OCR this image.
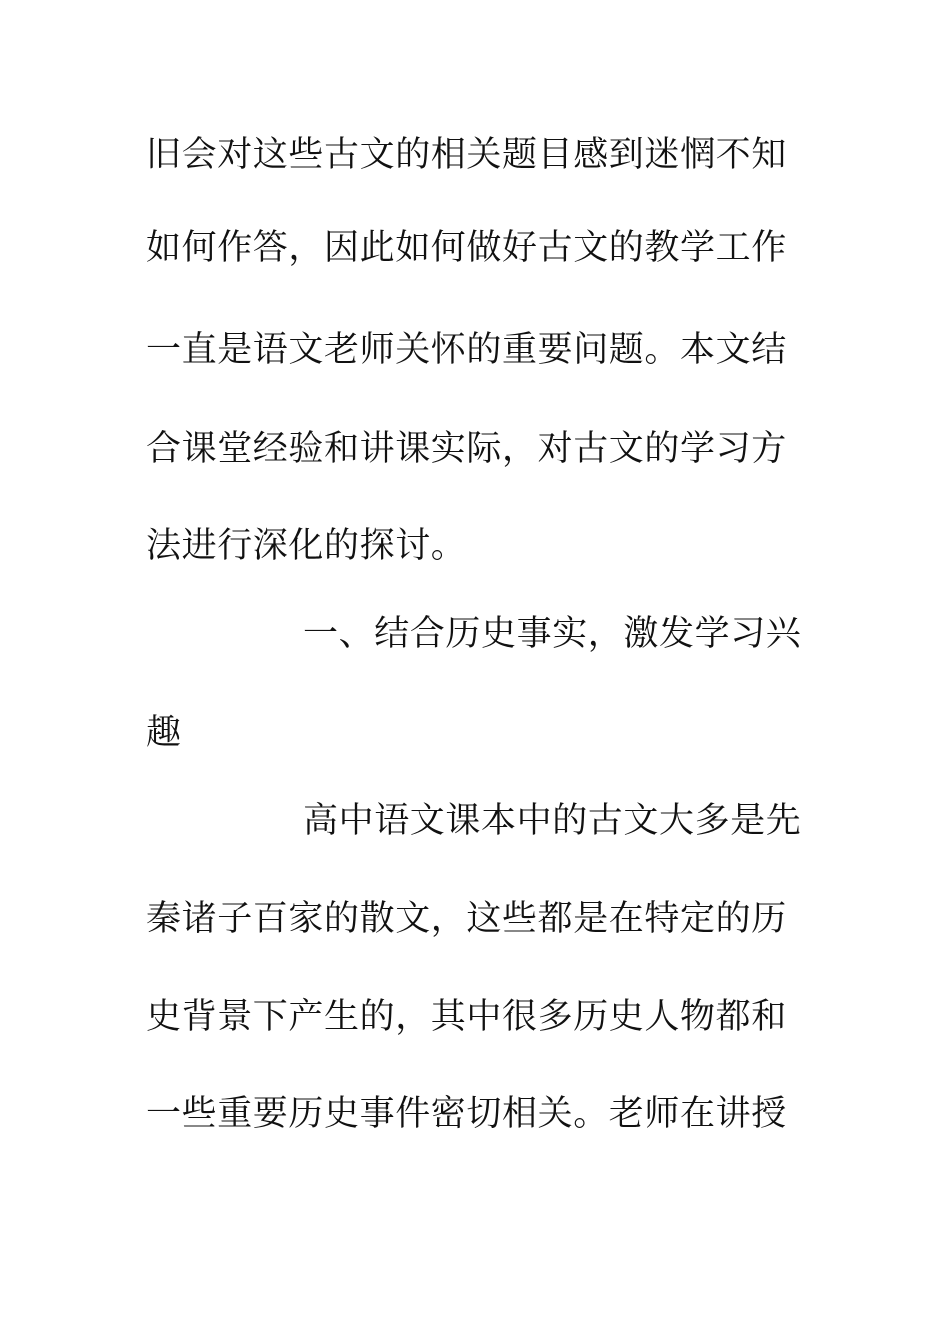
旧会对这些古文的相关题目感到迷惘不知
如何作答，因此如何做好古文的教学工作
一直是语文老师关怀的重要问题。本文结
合课堂经验和讲课实际，对古文的学习方
法进行深化的探讨。
一、结合历史事实，激发学习兴
趣
高中语文课本中的古文大多是先
秦诸子百家的散文，这些都是在特定的历
史背景下产生的，其中很多历史人物都和
一些重要历史事件密切相关。老师在讲授
